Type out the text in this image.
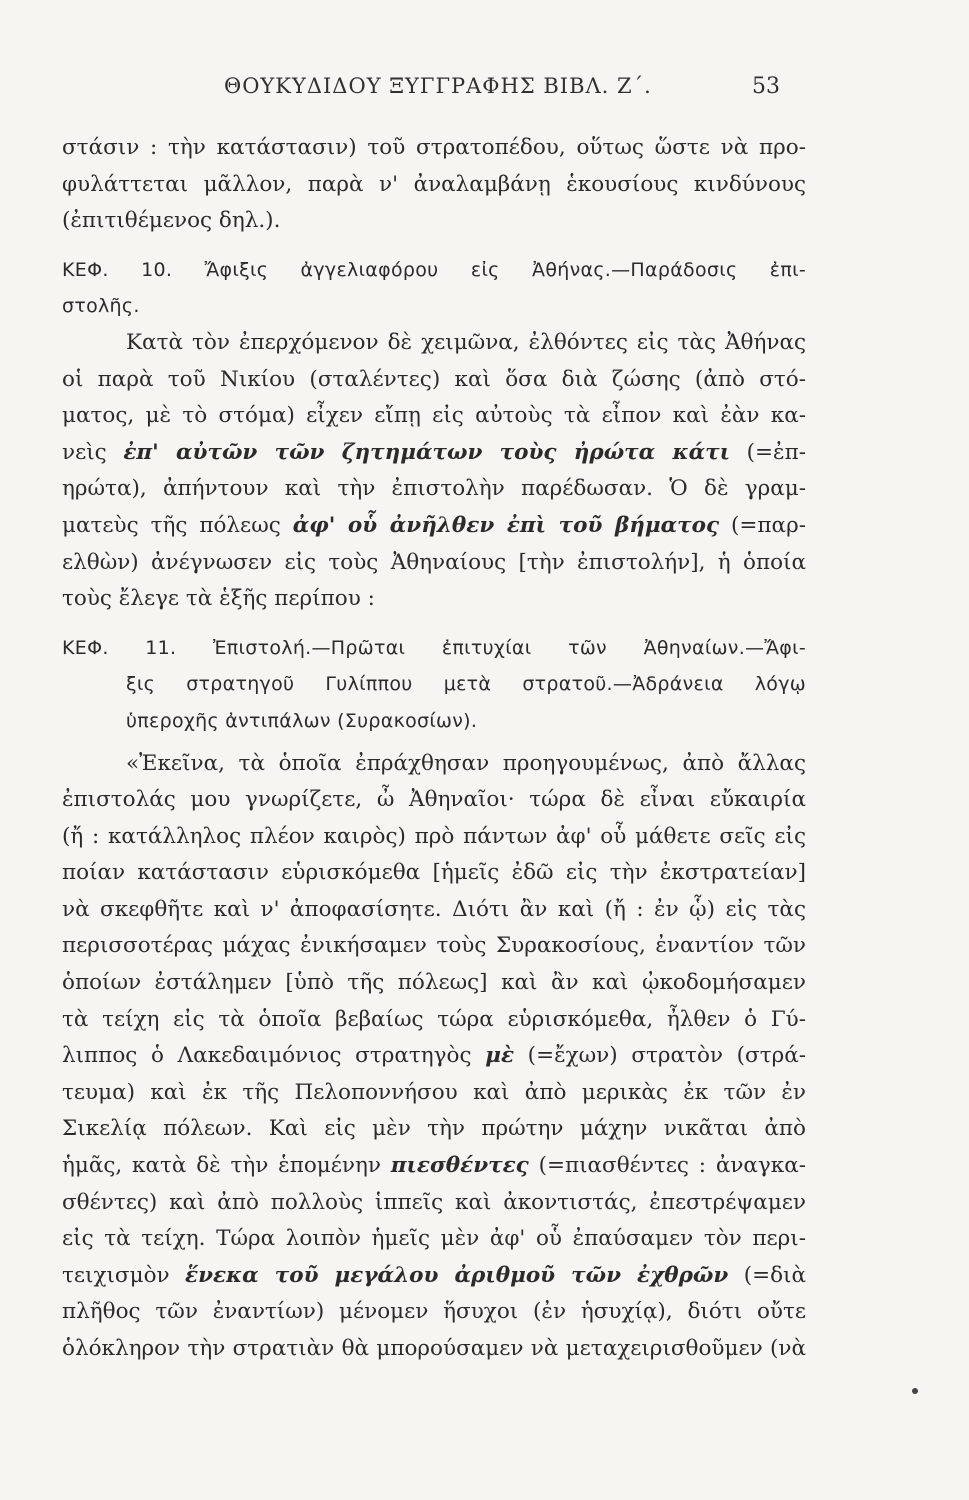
ΘΟΥΚΥΔΙΔΟΥ ΞΥΓΓΡΑΦΗΣ ΒΙΒΛ. Ζ΄.	53
στάσιν : τὴν κατάστασιν) τοῦ στρατοπέδου, οὕτως ὥστε νὰ προ-
φυλάττεται μᾶλλον, παρὰ ν' ἀναλαμβάνῃ ἑκουσίους κινδύνους
(ἐπιτιθέμενος δηλ.).
ΚΕΦ. 10. Ἄφιξις ἀγγελιαφόρου εἰς Ἀθήνας.—Παράδοσις ἐπι-
στολῆς.
Κατὰ τὸν ἐπερχόμενον δὲ χειμῶνα, ἐλθόντες εἰς τὰς Ἀθήνας
οἱ παρὰ τοῦ Νικίου (σταλέντες) καὶ ὅσα διὰ ζώσης (ἀπὸ στό-
ματος, μὲ τὸ στόμα) εἶχεν εἴπῃ εἰς αὐτοὺς τὰ εἶπον καὶ ἐὰν κα-
νεὶς ἐπ' αὐτῶν τῶν ζητημάτων τοὺς ἠρώτα κάτι (=ἐπ-
ηρώτα), ἀπήντουν καὶ τὴν ἐπιστολὴν παρέδωσαν. Ὁ δὲ γραμ-
ματεὺς τῆς πόλεως ἀφ' οὗ ἀνῆλθεν ἐπὶ τοῦ βήματος (=παρ-
ελθὼν) ἀνέγνωσεν εἰς τοὺς Ἀθηναίους [τὴν ἐπιστολήν], ἡ ὁποία
τοὺς ἔλεγε τὰ ἑξῆς περίπου :
ΚΕΦ. 11. Ἐπιστολή.—Πρῶται ἐπιτυχίαι τῶν Ἀθηναίων.—Ἄφι-
ξις στρατηγοῦ Γυλίππου μετὰ στρατοῦ.—Ἀδράνεια λόγῳ
ὑπεροχῆς ἀντιπάλων (Συρακοσίων).
«Ἐκεῖνα, τὰ ὁποῖα ἐπράχθησαν προηγουμένως, ἀπὸ ἄλλας
ἐπιστολάς μου γνωρίζετε, ὦ Ἀθηναῖοι· τώρα δὲ εἶναι εὔκαιρία
(ἤ : κατάλληλος πλέον καιρὸς) πρὸ πάντων ἀφ' οὗ μάθετε σεῖς εἰς
ποίαν κατάστασιν εὑρισκόμεθα [ἡμεῖς ἐδῶ εἰς τὴν ἐκστρατείαν]
νὰ σκεφθῆτε καὶ ν' ἀποφασίσητε. Διότι ἂν καὶ (ἤ : ἐν ᾧ) εἰς τὰς
περισσοτέρας μάχας ἐνικήσαμεν τοὺς Συρακοσίους, ἐναντίον τῶν
ὁποίων ἐστάλημεν [ὑπὸ τῆς πόλεως] καὶ ἂν καὶ ᾠκοδομήσαμεν
τὰ τείχη εἰς τὰ ὁποῖα βεβαίως τώρα εὑρισκόμεθα, ἦλθεν ὁ Γύ-
λιππος ὁ Λακεδαιμόνιος στρατηγὸς μὲ (=ἔχων) στρατὸν (στρά-
τευμα) καὶ ἐκ τῆς Πελοποννήσου καὶ ἀπὸ μερικὰς ἐκ τῶν ἐν
Σικελίᾳ πόλεων. Καὶ εἰς μὲν τὴν πρώτην μάχην νικᾶται ἀπὸ
ἡμᾶς, κατὰ δὲ τὴν ἑπομένην πιεσθέντες (=πιασθέντες : ἀναγκα-
σθέντες) καὶ ἀπὸ πολλοὺς ἱππεῖς καὶ ἀκοντιστάς, ἐπεστρέψαμεν
εἰς τὰ τείχη. Τώρα λοιπὸν ἡμεῖς μὲν ἀφ' οὗ ἐπαύσαμεν τὸν περι-
τειχισμὸν ἕνεκα τοῦ μεγάλου ἀριθμοῦ τῶν ἐχθρῶν (=διὰ
πλῆθος τῶν ἐναντίων) μένομεν ἥσυχοι (ἐν ἡσυχίᾳ), διότι οὔτε
ὁλόκληρον τὴν στρατιὰν θὰ μπορούσαμεν νὰ μεταχειρισθοῦμεν (νὰ
